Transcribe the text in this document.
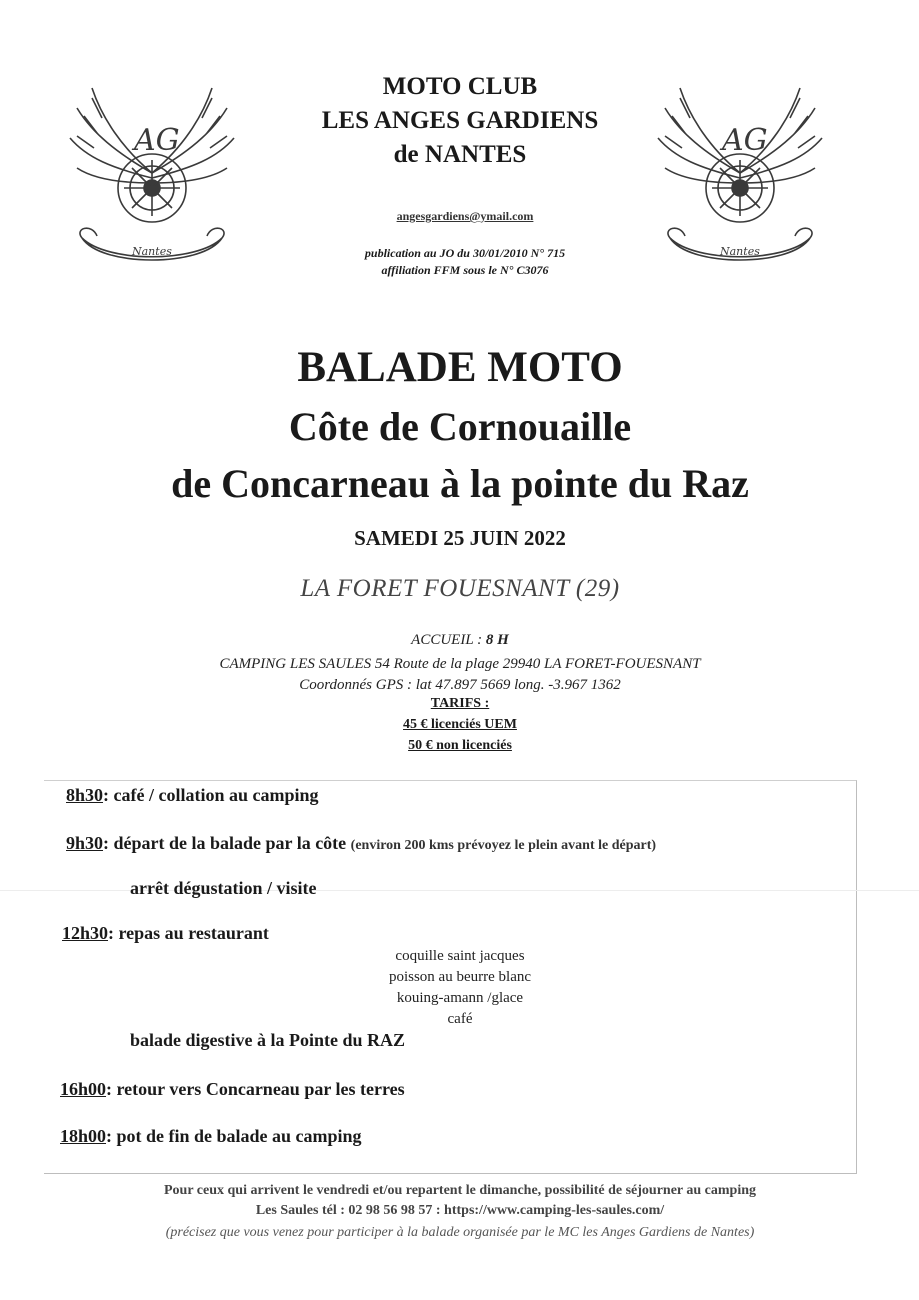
AG
Nantes
AG
Nantes
MOTO CLUB
LES ANGES GARDIENS
de NANTES
angesgardiens@ymail.com
publication au JO du 30/01/2010 N° 715
affiliation FFM sous le N° C3076
BALADE MOTO
Côte de Cornouaille
de Concarneau à la pointe du Raz
SAMEDI 25 JUIN 2022
LA FORET FOUESNANT (29)
ACCUEIL : 8 H
CAMPING LES SAULES 54 Route de la plage 29940 LA FORET-FOUESNANT
Coordonnés GPS : lat 47.897 5669 long. -3.967 1362
TARIFS :
45 € licenciés UEM
50 € non licenciés
8h30: café / collation au camping
9h30: départ de la balade par la côte (environ 200 kms prévoyez le plein avant le départ)
arrêt dégustation / visite
12h30: repas au restaurant
coquille saint jacques
poisson au beurre blanc
kouing-amann /glace
café
balade digestive à la Pointe du RAZ
16h00: retour vers Concarneau par les terres
18h00: pot de fin de balade au camping
Pour ceux qui arrivent le vendredi et/ou repartent le dimanche, possibilité de séjourner au camping
Les Saules tél : 02 98 56 98 57 : https://www.camping-les-saules.com/
(précisez que vous venez pour participer à la balade organisée par le MC les Anges Gardiens de Nantes)
